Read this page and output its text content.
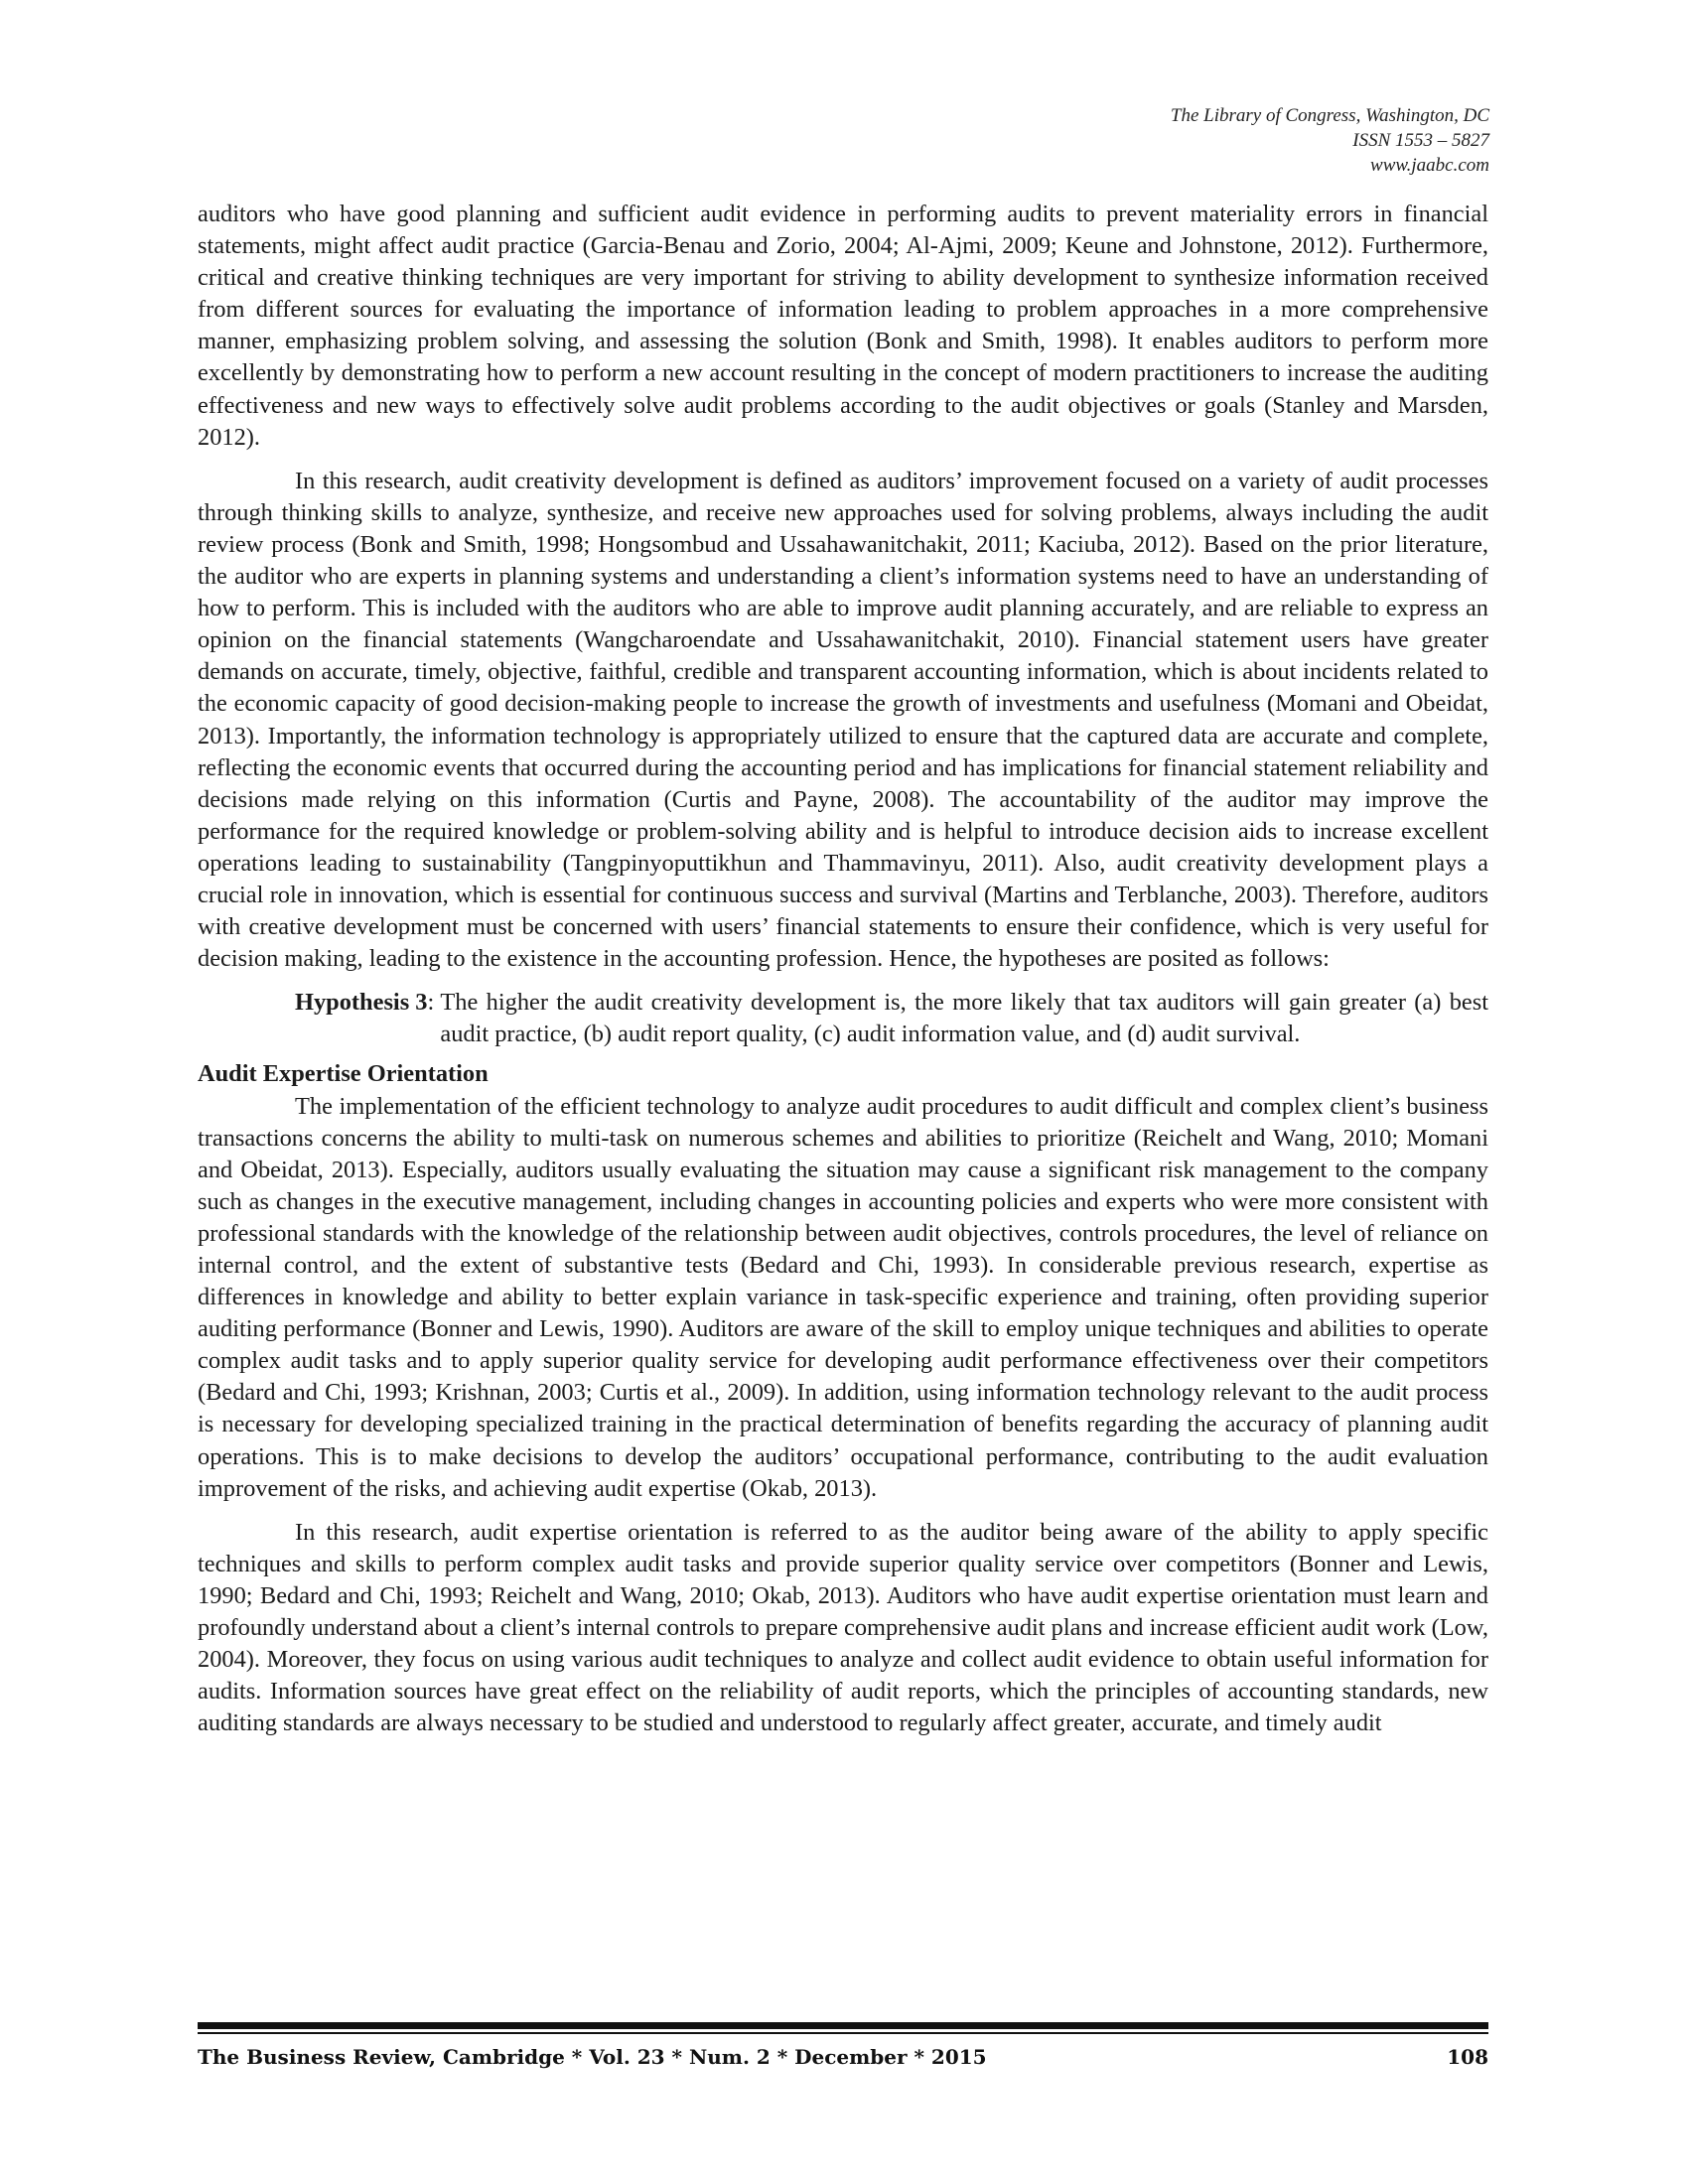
The Library of Congress, Washington, DC
ISSN 1553 – 5827
www.jaabc.com

auditors who have good planning and sufficient audit evidence in performing audits to prevent materiality errors in financial statements, might affect audit practice (Garcia-Benau and Zorio, 2004; Al-Ajmi, 2009; Keune and Johnstone, 2012). Furthermore, critical and creative thinking techniques are very important for striving to ability development to synthesize information received from different sources for evaluating the importance of information leading to problem approaches in a more comprehensive manner, emphasizing problem solving, and assessing the solution (Bonk and Smith, 1998). It enables auditors to perform more excellently by demonstrating how to perform a new account resulting in the concept of modern practitioners to increase the auditing effectiveness and new ways to effectively solve audit problems according to the audit objectives or goals (Stanley and Marsden, 2012).

In this research, audit creativity development is defined as auditors’ improvement focused on a variety of audit processes through thinking skills to analyze, synthesize, and receive new approaches used for solving problems, always including the audit review process (Bonk and Smith, 1998; Hongsombud and Ussahawanitchakit, 2011; Kaciuba, 2012). Based on the prior literature, the auditor who are experts in planning systems and understanding a client’s information systems need to have an understanding of how to perform. This is included with the auditors who are able to improve audit planning accurately, and are reliable to express an opinion on the financial statements (Wangcharoendate and Ussahawanitchakit, 2010). Financial statement users have greater demands on accurate, timely, objective, faithful, credible and transparent accounting information, which is about incidents related to the economic capacity of good decision-making people to increase the growth of investments and usefulness (Momani and Obeidat, 2013). Importantly, the information technology is appropriately utilized to ensure that the captured data are accurate and complete, reflecting the economic events that occurred during the accounting period and has implications for financial statement reliability and decisions made relying on this information (Curtis and Payne, 2008). The accountability of the auditor may improve the performance for the required knowledge or problem-solving ability and is helpful to introduce decision aids to increase excellent operations leading to sustainability (Tangpinyoputtikhun and Thammavinyu, 2011). Also, audit creativity development plays a crucial role in innovation, which is essential for continuous success and survival (Martins and Terblanche, 2003). Therefore, auditors with creative development must be concerned with users’ financial statements to ensure their confidence, which is very useful for decision making, leading to the existence in the accounting profession. Hence, the hypotheses are posited as follows:

Hypothesis 3 : The higher the audit creativity development is, the more likely that tax auditors will gain greater (a) best audit practice, (b) audit report quality, (c) audit information value, and (d) audit survival.
Audit Expertise Orientation

The implementation of the efficient technology to analyze audit procedures to audit difficult and complex client’s business transactions concerns the ability to multi-task on numerous schemes and abilities to prioritize (Reichelt and Wang, 2010; Momani and Obeidat, 2013). Especially, auditors usually evaluating the situation may cause a significant risk management to the company such as changes in the executive management, including changes in accounting policies and experts who were more consistent with professional standards with the knowledge of the relationship between audit objectives, controls procedures, the level of reliance on internal control, and the extent of substantive tests (Bedard and Chi, 1993). In considerable previous research, expertise as differences in knowledge and ability to better explain variance in task-specific experience and training, often providing superior auditing performance (Bonner and Lewis, 1990). Auditors are aware of the skill to employ unique techniques and abilities to operate complex audit tasks and to apply superior quality service for developing audit performance effectiveness over their competitors (Bedard and Chi, 1993; Krishnan, 2003; Curtis et al., 2009). In addition, using information technology relevant to the audit process is necessary for developing specialized training in the practical determination of benefits regarding the accuracy of planning audit operations. This is to make decisions to develop the auditors’ occupational performance, contributing to the audit evaluation improvement of the risks, and achieving audit expertise (Okab, 2013).

In this research, audit expertise orientation is referred to as the auditor being aware of the ability to apply specific techniques and skills to perform complex audit tasks and provide superior quality service over competitors (Bonner and Lewis, 1990; Bedard and Chi, 1993; Reichelt and Wang, 2010; Okab, 2013). Auditors who have audit expertise orientation must learn and profoundly understand about a client’s internal controls to prepare comprehensive audit plans and increase efficient audit work (Low, 2004). Moreover, they focus on using various audit techniques to analyze and collect audit evidence to obtain useful information for audits. Information sources have great effect on the reliability of audit reports, which the principles of accounting standards, new auditing standards are always necessary to be studied and understood to regularly affect greater, accurate, and timely audit

The Business Review, Cambridge * Vol. 23 * Num. 2 * December * 2015	108
